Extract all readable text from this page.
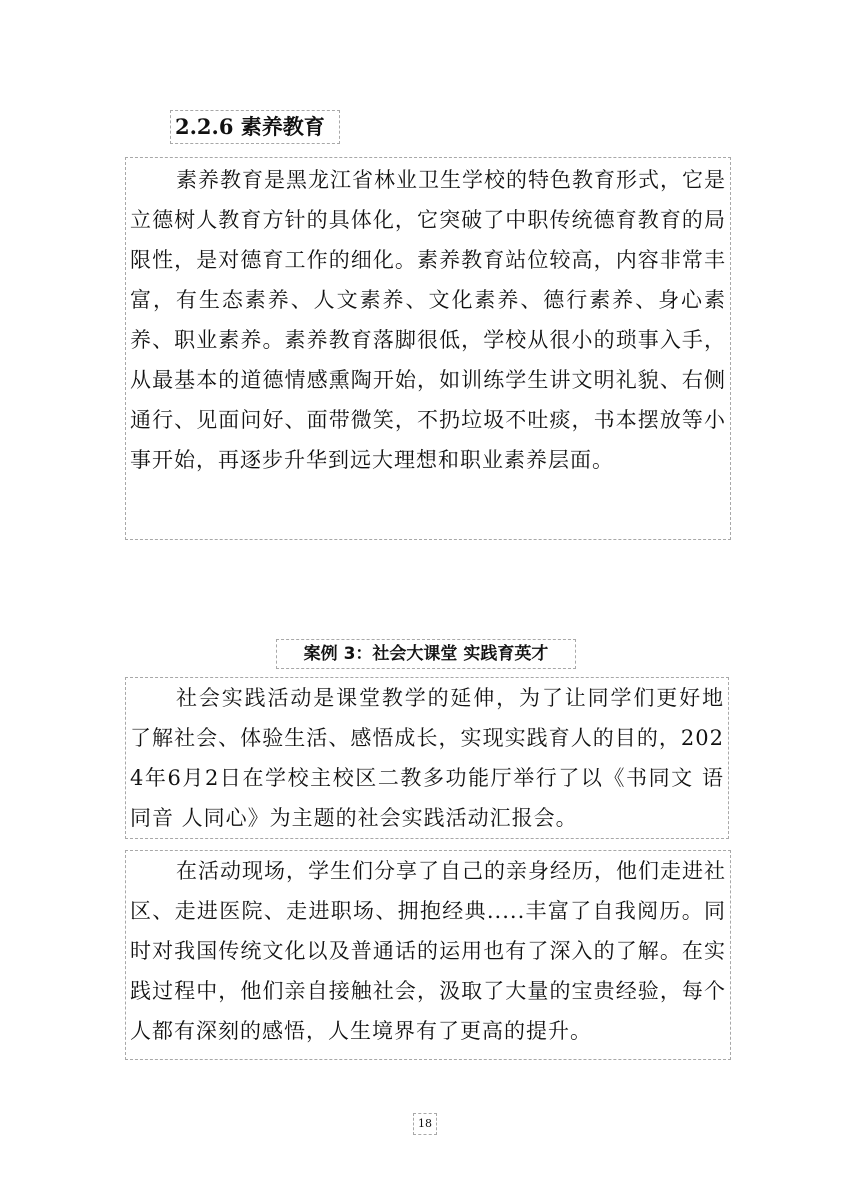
2.2.6 素养教育

素养教育是黑龙江省林业卫生学校的特色教育形式，它是立德树人教育方针的具体化，它突破了中职传统德育教育的局限性，是对德育工作的细化。素养教育站位较高，内容非常丰富，有生态素养、人文素养、文化素养、德行素养、身心素养、职业素养。素养教育落脚很低，学校从很小的琐事入手，从最基本的道德情感熏陶开始，如训练学生讲文明礼貌、右侧通行、见面问好、面带微笑，不扔垃圾不吐痰，书本摆放等小事开始，再逐步升华到远大理想和职业素养层面。

案例 3：社会大课堂 实践育英才

社会实践活动是课堂教学的延伸，为了让同学们更好地了解社会、体验生活、感悟成长，实现实践育人的目的，2024年6月2日在学校主校区二教多功能厅举行了以《书同文 语同音 人同心》为主题的社会实践活动汇报会。

在活动现场，学生们分享了自己的亲身经历，他们走进社区、走进医院、走进职场、拥抱经典.....丰富了自我阅历。同时对我国传统文化以及普通话的运用也有了深入的了解。在实践过程中，他们亲自接触社会，汲取了大量的宝贵经验，每个人都有深刻的感悟，人生境界有了更高的提升。

18
